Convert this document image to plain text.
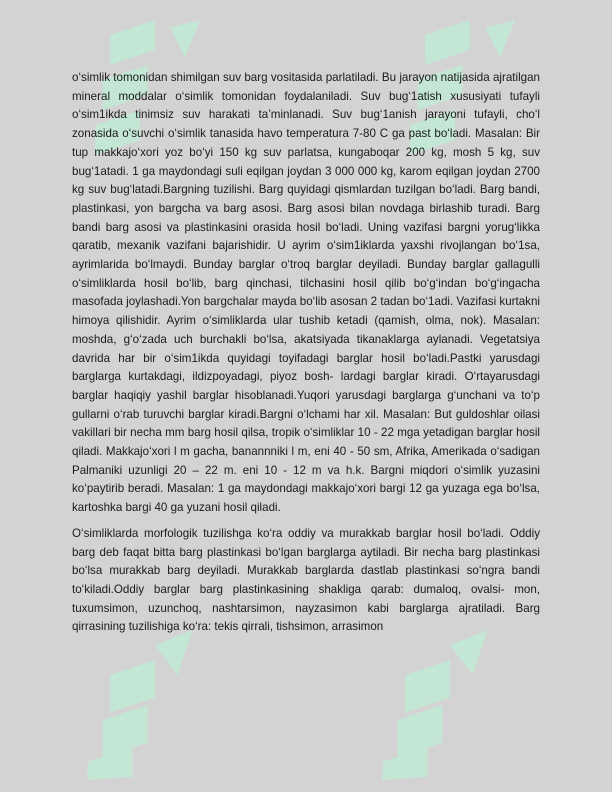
o‘simlik tomonidan shimilgan suv barg vositasida parlatiladi. Bu jarayon natijasida ajratilgan mineral moddalar o‘simlik tomonidan foydalaniladi. Suv bug‘1atish xususiyati tufayli o‘sim1ikda tinimsiz suv harakati ta’minlanadi. Suv bug‘1anish jarayoni tufayli, cho‘l zonasida o‘suvchi o‘simlik tanasida havo temperatura 7-80 C ga past bo‘ladi. Masalan: Bir tup makkajo‘xori yoz bo‘yi 150 kg suv parlatsa, kungaboqar 200 kg, mosh 5 kg, suv bug‘1atadi. 1 ga maydondagi suli eqilgan joydan 3 000 000 kg, karom eqilgan joydan 2700 kg suv bug‘latadi.Bargning tuzilishi. Barg quyidagi qismlardan tuzilgan bo‘ladi. Barg bandi, plastinkasi, yon bargcha va barg asosi. Barg asosi bilan novdaga birlashib turadi. Barg bandi barg asosi va plastinkasini orasida hosil bo‘ladi. Uning vazifasi bargni yorug‘likka qaratib, mexanik vazifani bajarishidir. U ayrim o‘sim1iklarda yaxshi rivojlangan bo‘1sa, ayrimlarida bo‘lmaydi. Bunday barglar o‘troq barglar deyiladi. Bunday barglar gallagulli o‘simliklarda hosil bo‘lib, barg qinchasi, tilchasini hosil qilib bo‘g‘indan bo‘g‘ingacha masofada joylashadi.Yon bargchalar mayda bo‘lib asosan 2 tadan bo‘1adi. Vazifasi kurtakni himoya qilishidir. Ayrim o‘simliklarda ular tushib ketadi (qamish, olma, nok). Masalan: moshda, g‘o‘zada uch burchakli bo‘lsa, akatsiyada tikanaklarga aylanadi. Vegetatsiya davrida har bir o‘sim1ikda quyidagi toyifadagi barglar hosil bo‘ladi.Pastki yarusdagi barglarga kurtakdagi, ildizpoyadagi, piyoz bosh- lardagi barglar kiradi. O‘rtayarusdagi barglar haqiqiy yashil barglar hisoblanadi.Yuqori yarusdagi barglarga g‘unchani va to‘p gullarni o‘rab turuvchi barglar kiradi.Bargni o‘lchami har xil. Masalan: But guldoshlar oilasi vakillari bir necha mm barg hosil qilsa, tropik o‘simliklar 10 - 22 mga yetadigan barglar hosil qiladi. Makkajo‘xori l m gacha, banannniki l m, eni 40 - 50 sm, Afrika, Amerikada o‘sadigan Palmaniki uzunligi 20 – 22 m. eni 10 - 12 m va h.k. Bargni miqdori o‘simlik yuzasini ko‘paytirib beradi. Masalan: 1 ga maydondagi makkajo‘xori bargi 12 ga yuzaga ega bo‘lsa, kartoshka bargi 40 ga yuzani hosil qiladi.

O‘simliklarda morfologik tuzilishga ko‘ra oddiy va murakkab barglar hosil bo‘ladi. Oddiy barg deb faqat bitta barg plastinkasi bo‘lgan barglarga aytiladi. Bir necha barg plastinkasi bo‘lsa murakkab barg deyiladi. Murakkab barglarda dastlab plastinkasi so‘ngra bandi to‘kiladi.Oddiy barglar barg plastinkasining shakliga qarab: dumaloq, ovalsi- mon, tuxumsimon, uzunchoq, nashtarsimon, nayzasimon kabi barglarga ajratiladi. Barg qirrasining tuzilishiga ko‘ra: tekis qirrali, tishsimon, arrasimon
